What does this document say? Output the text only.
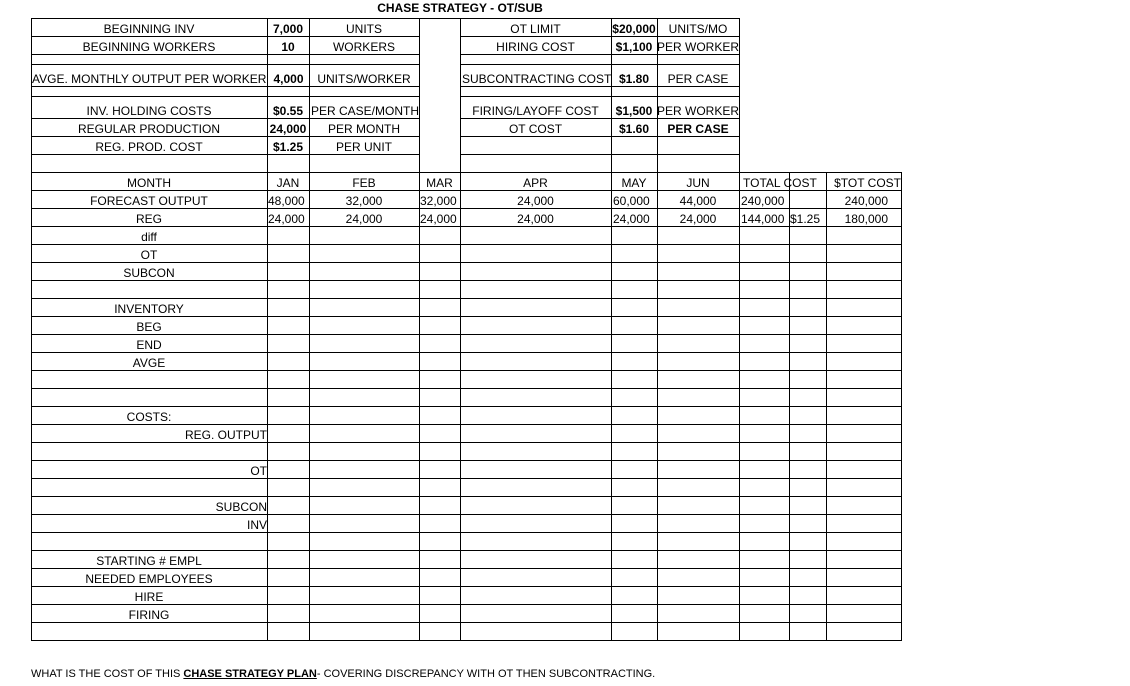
CHASE STRATEGY - OT/SUB
BEGINNING INV	7,000	UNITS
BEGINNING WORKERS	10	WORKERS
AVGE. MONTHLY OUTPUT PER WORKER 4,000	UNITS/WORKER
INV. HOLDING COSTS	$0.55 PER CASE/MONTH
REGULAR PRODUCTION	24,000	PER MONTH
REG. PROD. COST	$1.25	PER UNIT
OT LIMIT	$20,000	UNITS/MO
HIRING COST	$1,100 PER WORKER
SUBCONTRACTING COST $1.80	PER CASE
FIRING/LAYOFF COST	$1,500 PER WORKER
OT COST	$1.60	PER CASE
MONTH	JAN	FEB	MAR	APR	MAY	JUN	TOTAL COST	$TOT COST
FORECAST OUTPUT	48,000	32,000	32,000	24,000	60,000	44,000	240,000	240,000
REG	24,000	24,000	24,000	24,000	24,000	24,000	144,000 $1.25	180,000
diff
OT
SUBCON
INVENTORY
BEG
END
AVGE
COSTS:
REG. OUTPUT
OT
SUBCON
INV
STARTING # EMPL
NEEDED EMPLOYEES
HIRE
FIRING
WHAT IS THE COST OF THIS CHASE STRATEGY PLAN- COVERING DISCREPANCY WITH OT THEN SUBCONTRACTING.
